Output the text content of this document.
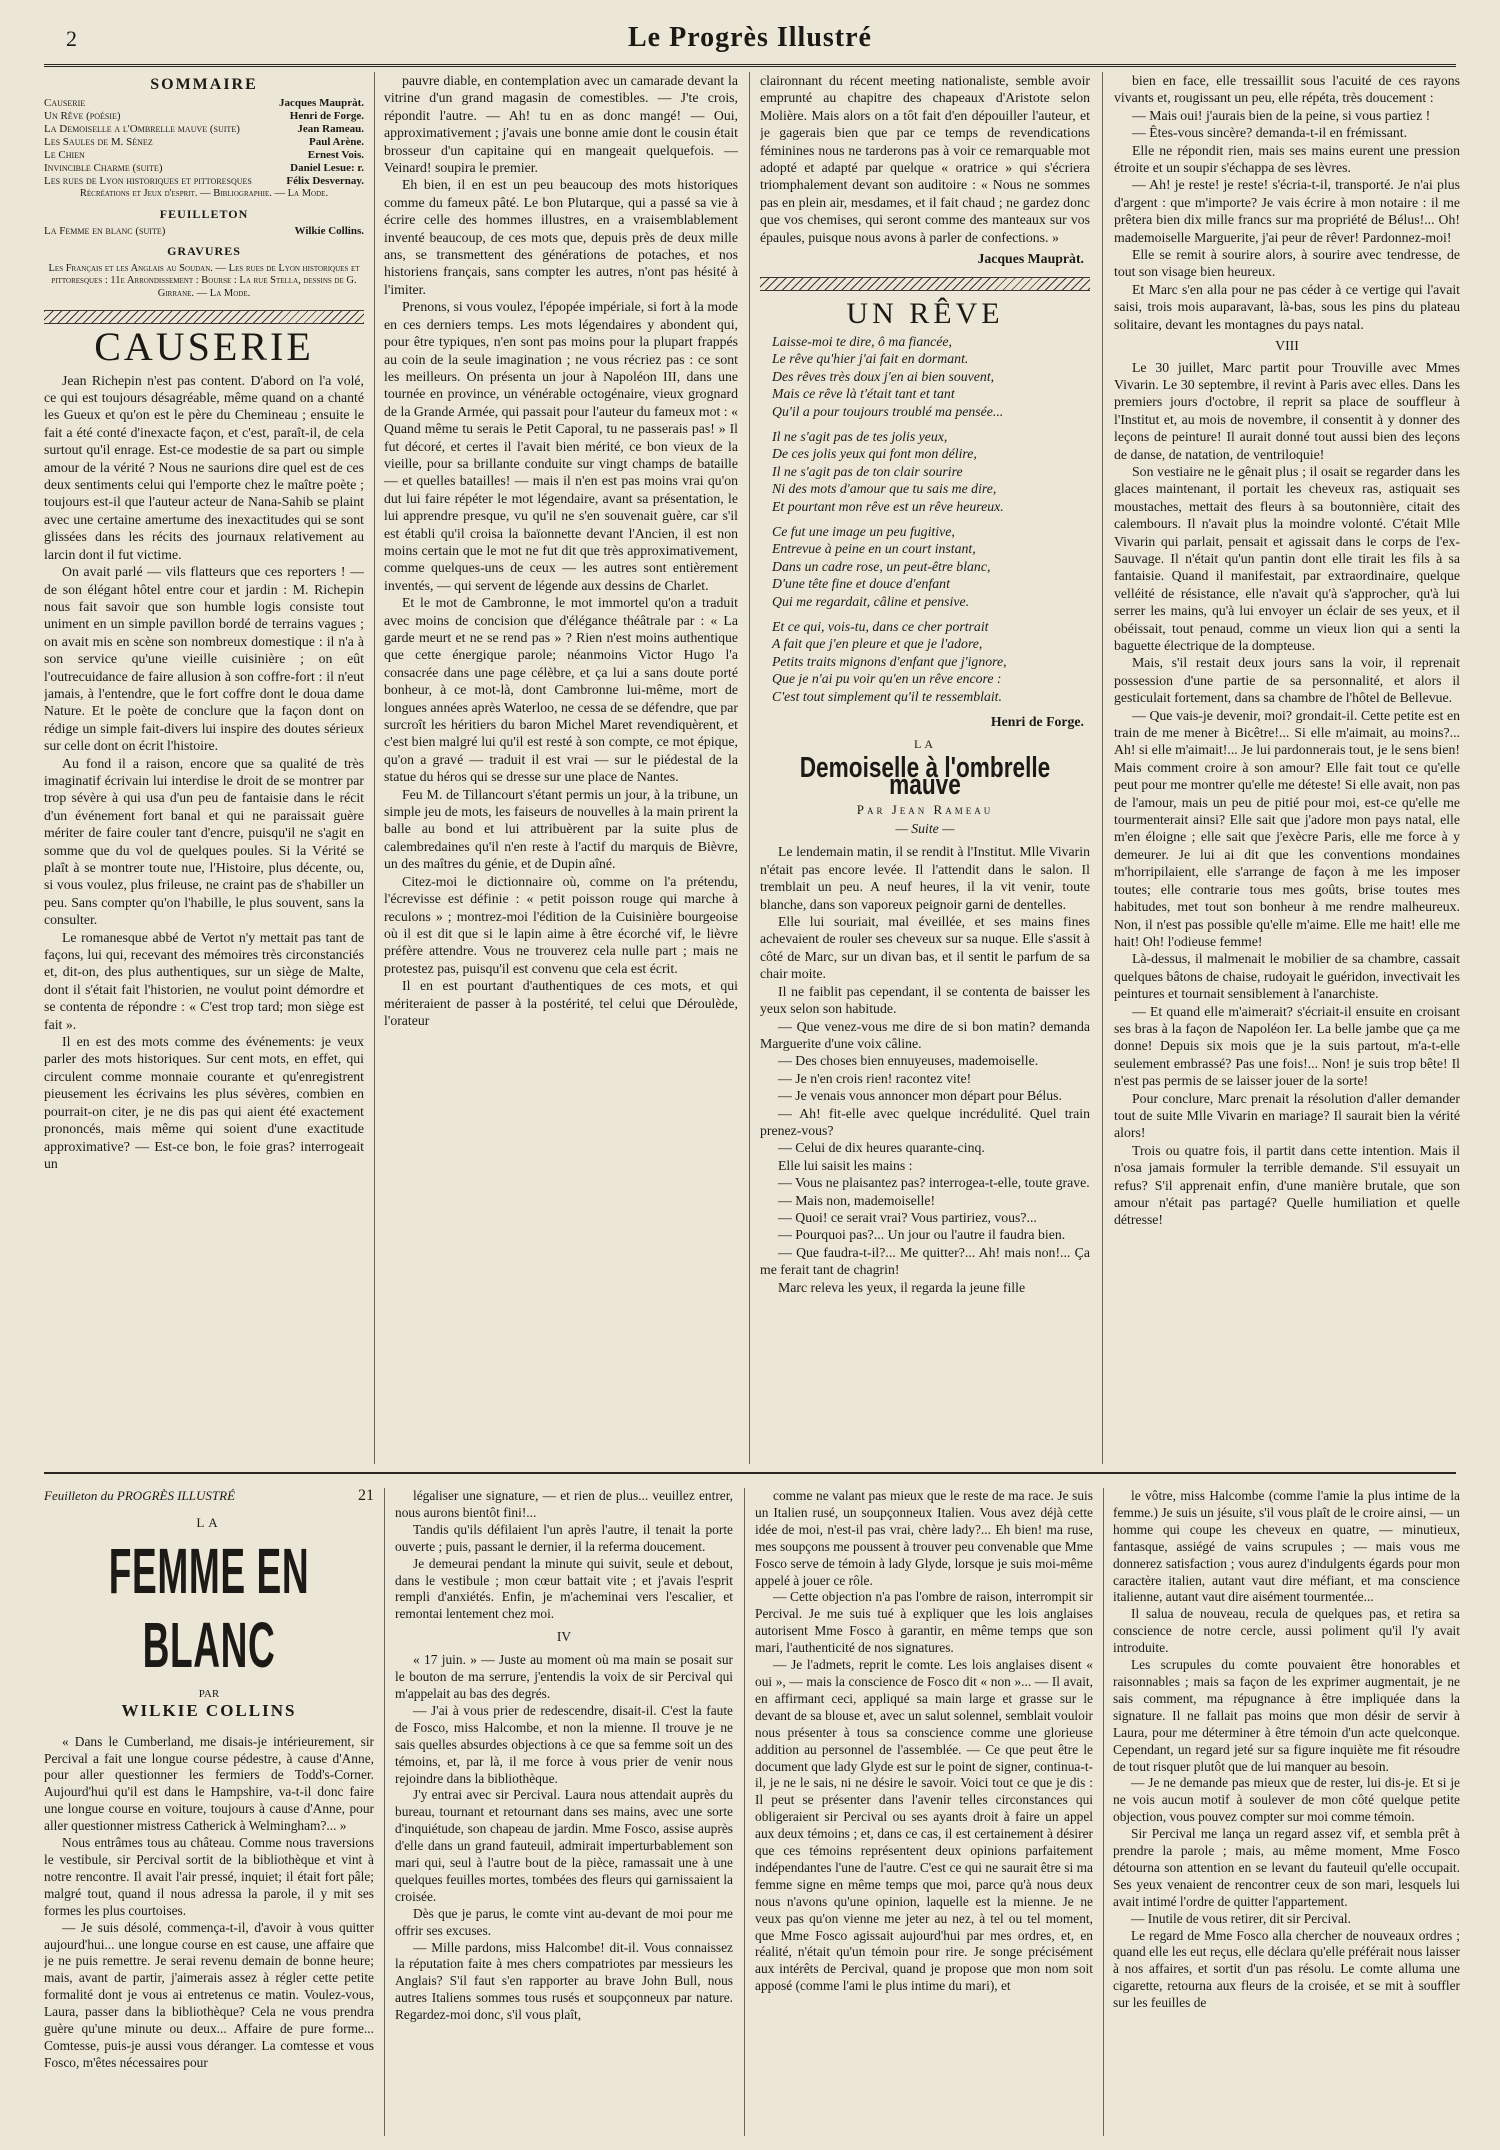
2	Le Progrès Illustré
SOMMAIRE
Causerie	Jacques Maupràt.
Un Rêve (poésie)	Henri de Forge.
La Demoiselle a l'Ombrelle mauve (suite)	Jean Rameau.
Les Saules de M. Sénez	Paul Arène.
Le Chien	Ernest Vois.
Invincible Charme (suite)	Daniel Lesue: r.
Les rues de Lyon historiques et pittoresques	Félix Desvernay.
Récréations et Jeux d'esprit. — Bibliographie. — La Mode.
FEUILLETON
La Femme en blanc (suite)	Wilkie Collins.
GRAVURES
Les Français et les Anglais au Soudan. — Les rues de Lyon historiques et pittoresques : 11e Arrondissement : Bourse : La rue Stella, dessins de G. Girrane. — La Mode.
CAUSERIE

Jean Richepin n'est pas content. D'abord on l'a volé, ce qui est toujours désagréable, même quand on a chanté les Gueux et qu'on est le père du Chemineau ; ensuite le fait a été conté d'inexacte façon, et c'est, paraît-il, de cela surtout qu'il enrage. Est-ce modestie de sa part ou simple amour de la vérité ? Nous ne saurions dire quel est de ces deux sentiments celui qui l'emporte chez le maître poète ; toujours est-il que l'auteur acteur de Nana-Sahib se plaint avec une certaine amertume des inexactitudes qui se sont glissées dans les récits des journaux relativement au larcin dont il fut victime.

On avait parlé — vils flatteurs que ces reporters ! — de son élégant hôtel entre cour et jardin : M. Richepin nous fait savoir que son humble logis consiste tout uniment en un simple pavillon bordé de terrains vagues ; on avait mis en scène son nombreux domestique : il n'a à son service qu'une vieille cuisinière ; on eût l'outrecuidance de faire allusion à son coffre-fort : il n'eut jamais, à l'entendre, que le fort coffre dont le doua dame Nature. Et le poète de conclure que la façon dont on rédige un simple fait-divers lui inspire des doutes sérieux sur celle dont on écrit l'histoire.

Au fond il a raison, encore que sa qualité de très imaginatif écrivain lui interdise le droit de se montrer par trop sévère à qui usa d'un peu de fantaisie dans le récit d'un événement fort banal et qui ne paraissait guère mériter de faire couler tant d'encre, puisqu'il ne s'agit en somme que du vol de quelques poules. Si la Vérité se plaît à se montrer toute nue, l'Histoire, plus décente, ou, si vous voulez, plus frileuse, ne craint pas de s'habiller un peu. Sans compter qu'on l'habille, le plus souvent, sans la consulter.

Le romanesque abbé de Vertot n'y mettait pas tant de façons, lui qui, recevant des mémoires très circonstanciés et, dit-on, des plus authentiques, sur un siège de Malte, dont il s'était fait l'historien, ne voulut point démordre et se contenta de répondre : « C'est trop tard; mon siège est fait ».

Il en est des mots comme des événements: je veux parler des mots historiques. Sur cent mots, en effet, qui circulent comme monnaie courante et qu'enregistrent pieusement les écrivains les plus sévères, combien en pourrait-on citer, je ne dis pas qui aient été exactement prononcés, mais même qui soient d'une exactitude approximative? — Est-ce bon, le foie gras? interrogeait un

pauvre diable, en contemplation avec un camarade devant la vitrine d'un grand magasin de comestibles. — J'te crois, répondit l'autre. — Ah! tu en as donc mangé! — Oui, approximativement ; j'avais une bonne amie dont le cousin était brosseur d'un capitaine qui en mangeait quelquefois. — Veinard! soupira le premier.

Eh bien, il en est un peu beaucoup des mots historiques comme du fameux pâté. Le bon Plutarque, qui a passé sa vie à écrire celle des hommes illustres, en a vraisemblablement inventé beaucoup, de ces mots que, depuis près de deux mille ans, se transmettent des générations de potaches, et nos historiens français, sans compter les autres, n'ont pas hésité à l'imiter.

Prenons, si vous voulez, l'épopée impériale, si fort à la mode en ces derniers temps. Les mots légendaires y abondent qui, pour être typiques, n'en sont pas moins pour la plupart frappés au coin de la seule imagination ; ne vous récriez pas : ce sont les meilleurs. On présenta un jour à Napoléon III, dans une tournée en province, un vénérable octogénaire, vieux grognard de la Grande Armée, qui passait pour l'auteur du fameux mot : « Quand même tu serais le Petit Caporal, tu ne passerais pas! » Il fut décoré, et certes il l'avait bien mérité, ce bon vieux de la vieille, pour sa brillante conduite sur vingt champs de bataille — et quelles batailles! — mais il n'en est pas moins vrai qu'on dut lui faire répéter le mot légendaire, avant sa présentation, le lui apprendre presque, vu qu'il ne s'en souvenait guère, car s'il est établi qu'il croisa la baïonnette devant l'Ancien, il est non moins certain que le mot ne fut dit que très approximativement, comme quelques-uns de ceux — les autres sont entièrement inventés, — qui servent de légende aux dessins de Charlet.

Et le mot de Cambronne, le mot immortel qu'on a traduit avec moins de concision que d'élégance théâtrale par : « La garde meurt et ne se rend pas » ? Rien n'est moins authentique que cette énergique parole; néanmoins Victor Hugo l'a consacrée dans une page célèbre, et ça lui a sans doute porté bonheur, à ce mot-là, dont Cambronne lui-même, mort de longues années après Waterloo, ne cessa de se défendre, que par surcroît les héritiers du baron Michel Maret revendiquèrent, et c'est bien malgré lui qu'il est resté à son compte, ce mot épique, qu'on a gravé — traduit il est vrai — sur le piédestal de la statue du héros qui se dresse sur une place de Nantes.

Feu M. de Tillancourt s'étant permis un jour, à la tribune, un simple jeu de mots, les faiseurs de nouvelles à la main prirent la balle au bond et lui attribuèrent par la suite plus de calembredaines qu'il n'en reste à l'actif du marquis de Bièvre, un des maîtres du génie, et de Dupin aîné.

Citez-moi le dictionnaire où, comme on l'a prétendu, l'écrevisse est définie : « petit poisson rouge qui marche à reculons » ; montrez-moi l'édition de la Cuisinière bourgeoise où il est dit que si le lapin aime à être écorché vif, le lièvre préfère attendre. Vous ne trouverez cela nulle part ; mais ne protestez pas, puisqu'il est convenu que cela est écrit.

Il en est pourtant d'authentiques de ces mots, et qui mériteraient de passer à la postérité, tel celui que Déroulède, l'orateur

claironnant du récent meeting nationaliste, semble avoir emprunté au chapitre des chapeaux d'Aristote selon Molière. Mais alors on a tôt fait d'en dépouiller l'auteur, et je gagerais bien que par ce temps de revendications féminines nous ne tarderons pas à voir ce remarquable mot adopté et adapté par quelque « oratrice » qui s'écriera triomphalement devant son auditoire : « Nous ne sommes pas en plein air, mesdames, et il fait chaud ; ne gardez donc que vos chemises, qui seront comme des manteaux sur vos épaules, puisque nous avons à parler de confections. »

Jacques Maupràt.
UN RÊVE
Laisse-moi te dire, ô ma fiancée,
Le rêve qu'hier j'ai fait en dormant.
Des rêves très doux j'en ai bien souvent,
Mais ce rêve là t'était tant et tant
Qu'il a pour toujours troublé ma pensée...
Il ne s'agit pas de tes jolis yeux,
De ces jolis yeux qui font mon délire,
Il ne s'agit pas de ton clair sourire
Ni des mots d'amour que tu sais me dire,
Et pourtant mon rêve est un rêve heureux.
Ce fut une image un peu fugitive,
Entrevue à peine en un court instant,
Dans un cadre rose, un peut-être blanc,
D'une tête fine et douce d'enfant
Qui me regardait, câline et pensive.
Et ce qui, vois-tu, dans ce cher portrait
A fait que j'en pleure et que je l'adore,
Petits traits mignons d'enfant que j'ignore,
Que je n'ai pu voir qu'en un rêve encore :
C'est tout simplement qu'il te ressemblait.
Henri de Forge.
LA
Demoiselle à l'ombrelle mauve
Par Jean Rameau
— Suite —

Le lendemain matin, il se rendit à l'Institut. Mlle Vivarin n'était pas encore levée. Il l'attendit dans le salon. Il tremblait un peu. A neuf heures, il la vit venir, toute blanche, dans son vaporeux peignoir garni de dentelles.

Elle lui souriait, mal éveillée, et ses mains fines achevaient de rouler ses cheveux sur sa nuque. Elle s'assit à côté de Marc, sur un divan bas, et il sentit le parfum de sa chair moite.

Il ne faiblit pas cependant, il se contenta de baisser les yeux selon son habitude.

— Que venez-vous me dire de si bon matin? demanda Marguerite d'une voix câline.

— Des choses bien ennuyeuses, mademoiselle.

— Je n'en crois rien! racontez vite!

— Je venais vous annoncer mon départ pour Bélus.

— Ah! fit-elle avec quelque incrédulité. Quel train prenez-vous?

— Celui de dix heures quarante-cinq.

Elle lui saisit les mains :

— Vous ne plaisantez pas? interrogea-t-elle, toute grave.

— Mais non, mademoiselle!

— Quoi! ce serait vrai? Vous partiriez, vous?...

— Pourquoi pas?... Un jour ou l'autre il faudra bien.

— Que faudra-t-il?... Me quitter?... Ah! mais non!... Ça me ferait tant de chagrin!

Marc releva les yeux, il regarda la jeune fille

bien en face, elle tressaillit sous l'acuité de ces rayons vivants et, rougissant un peu, elle répéta, très doucement :

— Mais oui! j'aurais bien de la peine, si vous partiez !

— Êtes-vous sincère? demanda-t-il en frémissant.

Elle ne répondit rien, mais ses mains eurent une pression étroite et un soupir s'échappa de ses lèvres.

— Ah! je reste! je reste! s'écria-t-il, transporté. Je n'ai plus d'argent : que m'importe? Je vais écrire à mon notaire : il me prêtera bien dix mille francs sur ma propriété de Bélus!... Oh! mademoiselle Marguerite, j'ai peur de rêver! Pardonnez-moi!

Elle se remit à sourire alors, à sourire avec tendresse, de tout son visage bien heureux.

Et Marc s'en alla pour ne pas céder à ce vertige qui l'avait saisi, trois mois auparavant, là-bas, sous les pins du plateau solitaire, devant les montagnes du pays natal.

VIII

Le 30 juillet, Marc partit pour Trouville avec Mmes Vivarin. Le 30 septembre, il revint à Paris avec elles. Dans les premiers jours d'octobre, il reprit sa place de souffleur à l'Institut et, au mois de novembre, il consentit à y donner des leçons de peinture! Il aurait donné tout aussi bien des leçons de danse, de natation, de ventriloquie!

Son vestiaire ne le gênait plus ; il osait se regarder dans les glaces maintenant, il portait les cheveux ras, astiquait ses moustaches, mettait des fleurs à sa boutonnière, citait des calembours. Il n'avait plus la moindre volonté. C'était Mlle Vivarin qui parlait, pensait et agissait dans le corps de l'ex-Sauvage. Il n'était qu'un pantin dont elle tirait les fils à sa fantaisie. Quand il manifestait, par extraordinaire, quelque velléité de résistance, elle n'avait qu'à s'approcher, qu'à lui serrer les mains, qu'à lui envoyer un éclair de ses yeux, et il obéissait, tout penaud, comme un vieux lion qui a senti la baguette électrique de la dompteuse.

Mais, s'il restait deux jours sans la voir, il reprenait possession d'une partie de sa personnalité, et alors il gesticulait fortement, dans sa chambre de l'hôtel de Bellevue.

— Que vais-je devenir, moi? grondait-il. Cette petite est en train de me mener à Bicêtre!... Si elle m'aimait, au moins?... Ah! si elle m'aimait!... Je lui pardonnerais tout, je le sens bien! Mais comment croire à son amour? Elle fait tout ce qu'elle peut pour me montrer qu'elle me déteste! Si elle avait, non pas de l'amour, mais un peu de pitié pour moi, est-ce qu'elle me tourmenterait ainsi? Elle sait que j'adore mon pays natal, elle m'en éloigne ; elle sait que j'exècre Paris, elle me force à y demeurer. Je lui ai dit que les conventions mondaines m'horripilaient, elle s'arrange de façon à me les imposer toutes; elle contrarie tous mes goûts, brise toutes mes habitudes, met tout son bonheur à me rendre malheureux. Non, il n'est pas possible qu'elle m'aime. Elle me hait! elle me hait! Oh! l'odieuse femme!

Là-dessus, il malmenait le mobilier de sa chambre, cassait quelques bâtons de chaise, rudoyait le guéridon, invectivait les peintures et tournait sensiblement à l'anarchiste.

— Et quand elle m'aimerait? s'écriait-il ensuite en croisant ses bras à la façon de Napoléon Ier. La belle jambe que ça me donne! Depuis six mois que je la suis partout, m'a-t-elle seulement embrassé? Pas une fois!... Non! je suis trop bête! Il n'est pas permis de se laisser jouer de la sorte!

Pour conclure, Marc prenait la résolution d'aller demander tout de suite Mlle Vivarin en mariage? Il saurait bien la vérité alors!

Trois ou quatre fois, il partit dans cette intention. Mais il n'osa jamais formuler la terrible demande. S'il essuyait un refus? S'il apprenait enfin, d'une manière brutale, que son amour n'était pas partagé? Quelle humiliation et quelle détresse!

Feuilleton du PROGRÈS ILLUSTRÉ	21
LA
FEMME EN BLANC
PAR
WILKIE COLLINS

« Dans le Cumberland, me disais-je intérieurement, sir Percival a fait une longue course pédestre, à cause d'Anne, pour aller questionner les fermiers de Todd's-Corner. Aujourd'hui qu'il est dans le Hampshire, va-t-il donc faire une longue course en voiture, toujours à cause d'Anne, pour aller questionner mistress Catherick à Welmingham?... »

Nous entrâmes tous au château. Comme nous traversions le vestibule, sir Percival sortit de la bibliothèque et vint à notre rencontre. Il avait l'air pressé, inquiet; il était fort pâle; malgré tout, quand il nous adressa la parole, il y mit ses formes les plus courtoises.

— Je suis désolé, commença-t-il, d'avoir à vous quitter aujourd'hui... une longue course en est cause, une affaire que je ne puis remettre. Je serai revenu demain de bonne heure; mais, avant de partir, j'aimerais assez à régler cette petite formalité dont je vous ai entretenus ce matin. Voulez-vous, Laura, passer dans la bibliothèque? Cela ne vous prendra guère qu'une minute ou deux... Affaire de pure forme... Comtesse, puis-je aussi vous déranger. La comtesse et vous Fosco, m'êtes nécessaires pour

légaliser une signature, — et rien de plus... veuillez entrer, nous aurons bientôt fini!...

Tandis qu'ils défilaient l'un après l'autre, il tenait la porte ouverte ; puis, passant le dernier, il la referma doucement.

Je demeurai pendant la minute qui suivit, seule et debout, dans le vestibule ; mon cœur battait vite ; et j'avais l'esprit rempli d'anxiétés. Enfin, je m'acheminai vers l'escalier, et remontai lentement chez moi.

IV

« 17 juin. » — Juste au moment où ma main se posait sur le bouton de ma serrure, j'entendis la voix de sir Percival qui m'appelait au bas des degrés.

— J'ai à vous prier de redescendre, disait-il. C'est la faute de Fosco, miss Halcombe, et non la mienne. Il trouve je ne sais quelles absurdes objections à ce que sa femme soit un des témoins, et, par là, il me force à vous prier de venir nous rejoindre dans la bibliothèque.

J'y entrai avec sir Percival. Laura nous attendait auprès du bureau, tournant et retournant dans ses mains, avec une sorte d'inquiétude, son chapeau de jardin. Mme Fosco, assise auprès d'elle dans un grand fauteuil, admirait imperturbablement son mari qui, seul à l'autre bout de la pièce, ramassait une à une quelques feuilles mortes, tombées des fleurs qui garnissaient la croisée.

Dès que je parus, le comte vint au-devant de moi pour me offrir ses excuses.

— Mille pardons, miss Halcombe! dit-il. Vous connaissez la réputation faite à mes chers compatriotes par messieurs les Anglais? S'il faut s'en rapporter au brave John Bull, nous autres Italiens sommes tous rusés et soupçonneux par nature. Regardez-moi donc, s'il vous plaît,

comme ne valant pas mieux que le reste de ma race. Je suis un Italien rusé, un soupçonneux Italien. Vous avez déjà cette idée de moi, n'est-il pas vrai, chère lady?... Eh bien! ma ruse, mes soupçons me poussent à trouver peu convenable que Mme Fosco serve de témoin à lady Glyde, lorsque je suis moi-même appelé à jouer ce rôle.

— Cette objection n'a pas l'ombre de raison, interrompit sir Percival. Je me suis tué à expliquer que les lois anglaises autorisent Mme Fosco à garantir, en même temps que son mari, l'authenticité de nos signatures.

— Je l'admets, reprit le comte. Les lois anglaises disent « oui », — mais la conscience de Fosco dit « non »... — Il avait, en affirmant ceci, appliqué sa main large et grasse sur le devant de sa blouse et, avec un salut solennel, semblait vouloir nous présenter à tous sa conscience comme une glorieuse addition au personnel de l'assemblée. — Ce que peut être le document que lady Glyde est sur le point de signer, continua-t-il, je ne le sais, ni ne désire le savoir. Voici tout ce que je dis : Il peut se présenter dans l'avenir telles circonstances qui obligeraient sir Percival ou ses ayants droit à faire un appel aux deux témoins ; et, dans ce cas, il est certainement à désirer que ces témoins représentent deux opinions parfaitement indépendantes l'une de l'autre. C'est ce qui ne saurait être si ma femme signe en même temps que moi, parce qu'à nous deux nous n'avons qu'une opinion, laquelle est la mienne. Je ne veux pas qu'on vienne me jeter au nez, à tel ou tel moment, que Mme Fosco agissait aujourd'hui par mes ordres, et, en réalité, n'était qu'un témoin pour rire. Je songe précisément aux intérêts de Percival, quand je propose que mon nom soit apposé (comme l'ami le plus intime du mari), et

le vôtre, miss Halcombe (comme l'amie la plus intime de la femme.) Je suis un jésuite, s'il vous plaît de le croire ainsi, — un homme qui coupe les cheveux en quatre, — minutieux, fantasque, assiégé de vains scrupules ; — mais vous me donnerez satisfaction ; vous aurez d'indulgents égards pour mon caractère italien, autant vaut dire méfiant, et ma conscience italienne, autant vaut dire aisément tourmentée...

Il salua de nouveau, recula de quelques pas, et retira sa conscience de notre cercle, aussi poliment qu'il l'y avait introduite.

Les scrupules du comte pouvaient être honorables et raisonnables ; mais sa façon de les exprimer augmentait, je ne sais comment, ma répugnance à être impliquée dans la signature. Il ne fallait pas moins que mon désir de servir à Laura, pour me déterminer à être témoin d'un acte quelconque. Cependant, un regard jeté sur sa figure inquiète me fit résoudre de tout risquer plutôt que de lui manquer au besoin.

— Je ne demande pas mieux que de rester, lui dis-je. Et si je ne vois aucun motif à soulever de mon côté quelque petite objection, vous pouvez compter sur moi comme témoin.

Sir Percival me lança un regard assez vif, et sembla prêt à prendre la parole ; mais, au même moment, Mme Fosco détourna son attention en se levant du fauteuil qu'elle occupait. Ses yeux venaient de rencontrer ceux de son mari, lesquels lui avait intimé l'ordre de quitter l'appartement.

— Inutile de vous retirer, dit sir Percival.

Le regard de Mme Fosco alla chercher de nouveaux ordres ; quand elle les eut reçus, elle déclara qu'elle préférait nous laisser à nos affaires, et sortit d'un pas résolu. Le comte alluma une cigarette, retourna aux fleurs de la croisée, et se mit à souffler sur les feuilles de
